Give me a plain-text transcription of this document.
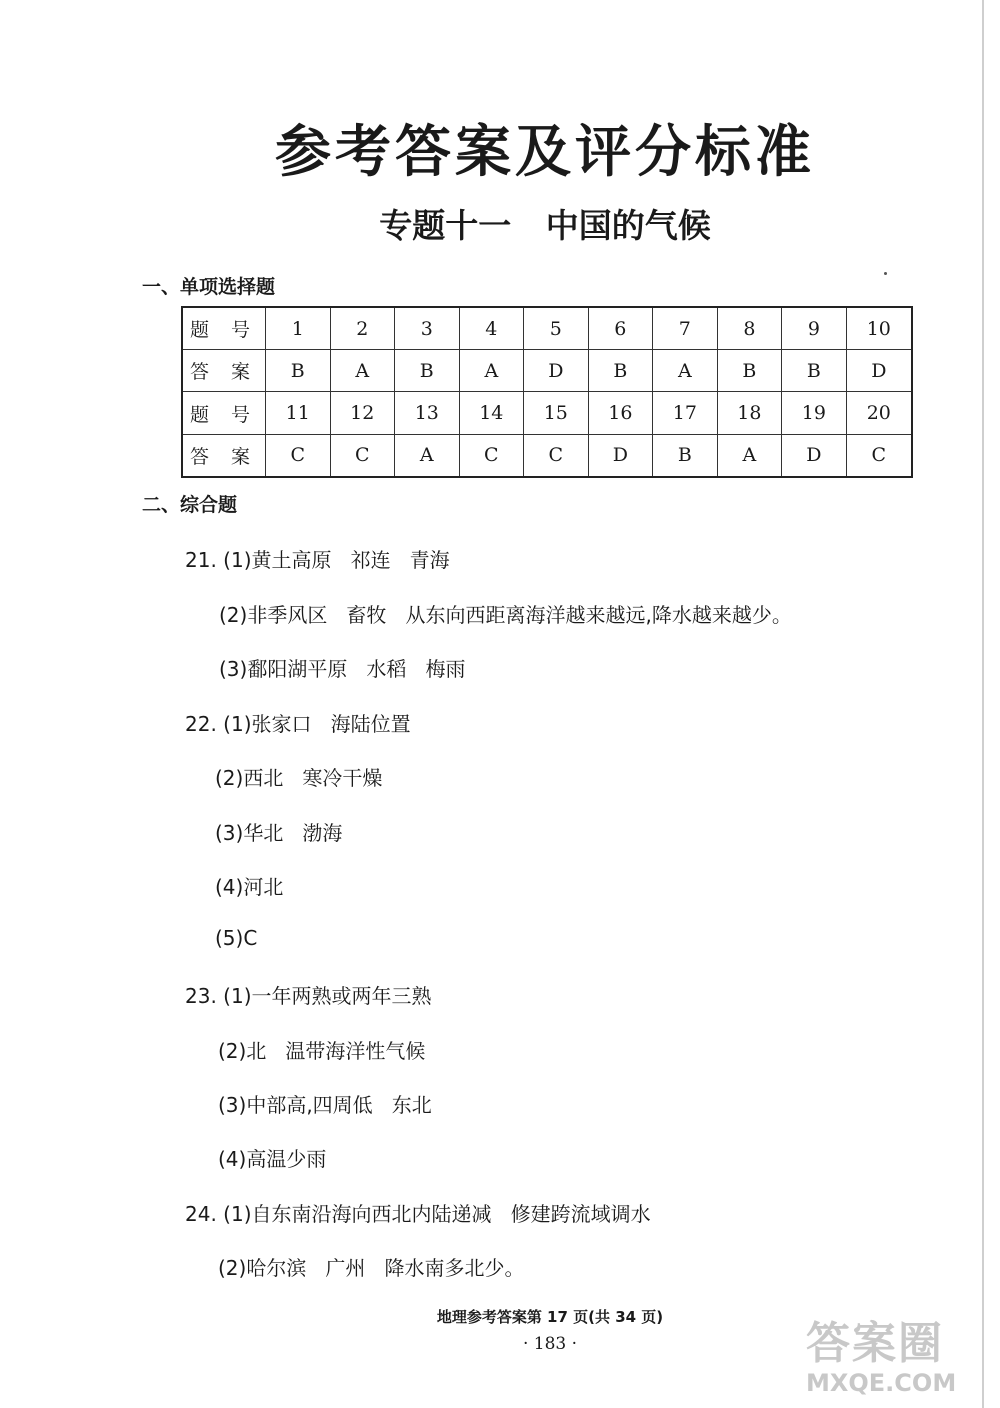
参考答案及评分标准
专题十一   中国的气候
一、单项选择题
题 号	1	2	3	4	5	6	7	8	9	10
答 案	B	A	B	A	D	B	A	B	B	D
题 号	11	12	13	14	15	16	17	18	19	20
答 案	C	C	A	C	C	D	B	A	D	C
二、综合题
21. (1)黄土高原   祁连   青海
(2)非季风区   畜牧   从东向西距离海洋越来越远,降水越来越少。
(3)鄱阳湖平原   水稻   梅雨
22. (1)张家口   海陆位置
(2)西北   寒冷干燥
(3)华北   渤海
(4)河北
(5)C
23. (1)一年两熟或两年三熟
(2)北   温带海洋性气候
(3)中部高,四周低   东北
(4)高温少雨
24. (1)自东南沿海向西北内陆递减   修建跨流域调水
(2)哈尔滨   广州   降水南多北少。
地理参考答案第 17 页(共 34 页)
· 183 ·	答案圈
MXQE.COM
